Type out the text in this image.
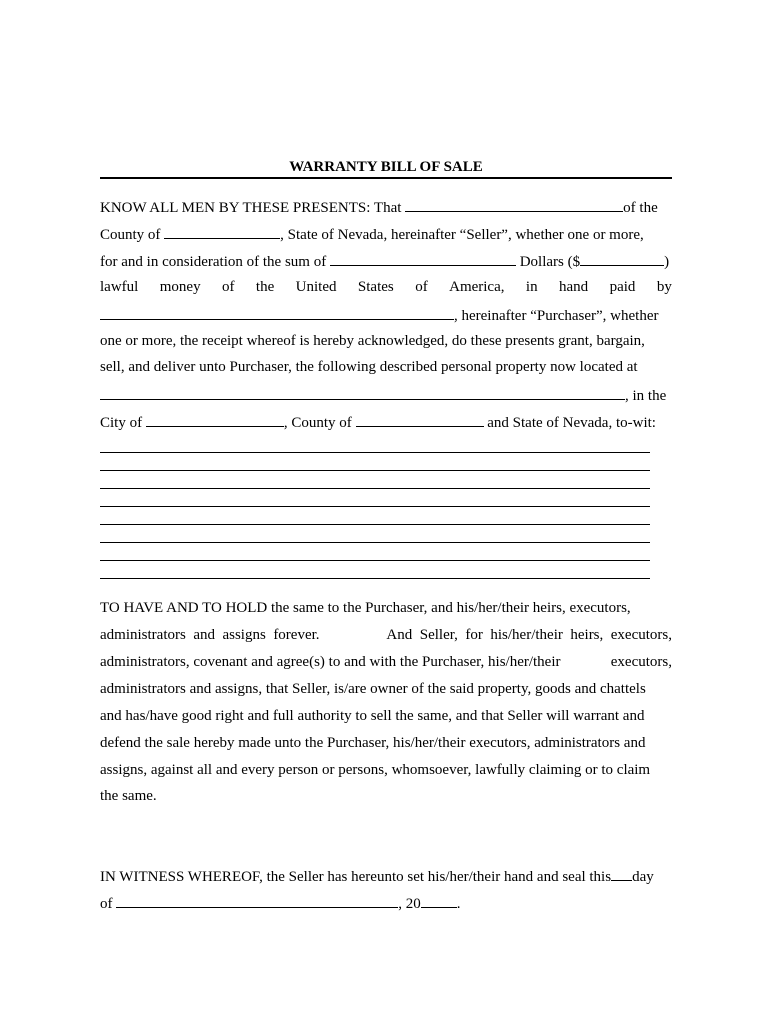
WARRANTY BILL OF SALE
KNOW ALL MEN BY THESE PRESENTS: That	of the
County of	, State of Nevada, hereinafter “Seller”, whether one or more,
for and in consideration of the sum of	Dollars ($	)
lawful money of the United States of America, in hand paid by
, hereinafter “Purchaser”, whether
one or more, the receipt whereof is hereby acknowledged, do these presents grant, bargain,
sell, and deliver unto Purchaser, the following described personal property now located at
, in the
City of	, County of	and State of Nevada, to-wit:
TO HAVE AND TO HOLD the same to the Purchaser, and his/her/their heirs, executors,
administrators  and  assigns  forever.	And  Seller,  for  his/her/their  heirs,  executors,
administrators, covenant and agree(s) to and with the Purchaser, his/her/their	executors,
administrators and assigns, that Seller, is/are owner of the said property, goods and chattels
and has/have good right and full authority to sell the same, and that Seller will warrant and
defend the sale hereby made unto the Purchaser, his/her/their executors, administrators and
assigns, against all and every person or persons, whomsoever, lawfully claiming or to claim
the same.
IN WITNESS WHEREOF, the Seller has hereunto set his/her/their hand and seal this day
of	, 20 .
